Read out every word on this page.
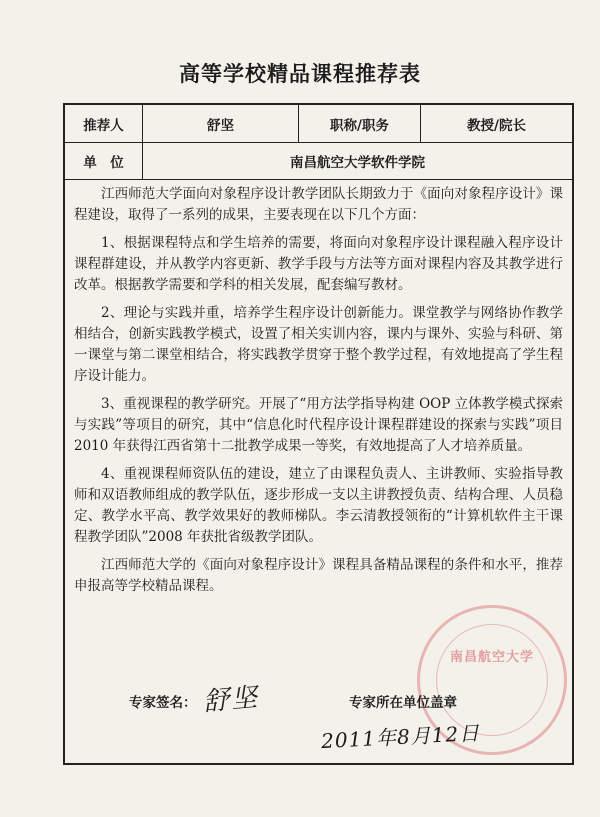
高等学校精品课程推荐表
推荐人	舒坚	职称/职务	教授/院长
单　位	南昌航空大学软件学院

江西师范大学面向对象程序设计教学团队长期致力于《面向对象程序设计》课程建设，取得了一系列的成果，主要表现在以下几个方面：

1、根据课程特点和学生培养的需要，将面向对象程序设计课程融入程序设计课程群建设，并从教学内容更新、教学手段与方法等方面对课程内容及其教学进行改革。根据教学需要和学科的相关发展，配套编写教材。

2、理论与实践并重，培养学生程序设计创新能力。课堂教学与网络协作教学相结合，创新实践教学模式，设置了相关实训内容，课内与课外、实验与科研、第一课堂与第二课堂相结合，将实践教学贯穿于整个教学过程，有效地提高了学生程序设计能力。

3、重视课程的教学研究。开展了“用方法学指导构建 OOP 立体教学模式探索与实践”等项目的研究，其中“信息化时代程序设计课程群建设的探索与实践”项目 2010 年获得江西省第十二批教学成果一等奖，有效地提高了人才培养质量。

4、重视课程师资队伍的建设，建立了由课程负责人、主讲教师、实验指导教师和双语教师组成的教学队伍，逐步形成一支以主讲教授负责、结构合理、人员稳定、教学水平高、教学效果好的教师梯队。李云清教授领衔的“计算机软件主干课程教学团队”2008 年获批省级教学团队。

江西师范大学的《面向对象程序设计》课程具备精品课程的条件和水平，推荐申报高等学校精品课程。

南昌航空大学
专家签名： 舒坚	专家所在单位盖章
2011年8月12日
